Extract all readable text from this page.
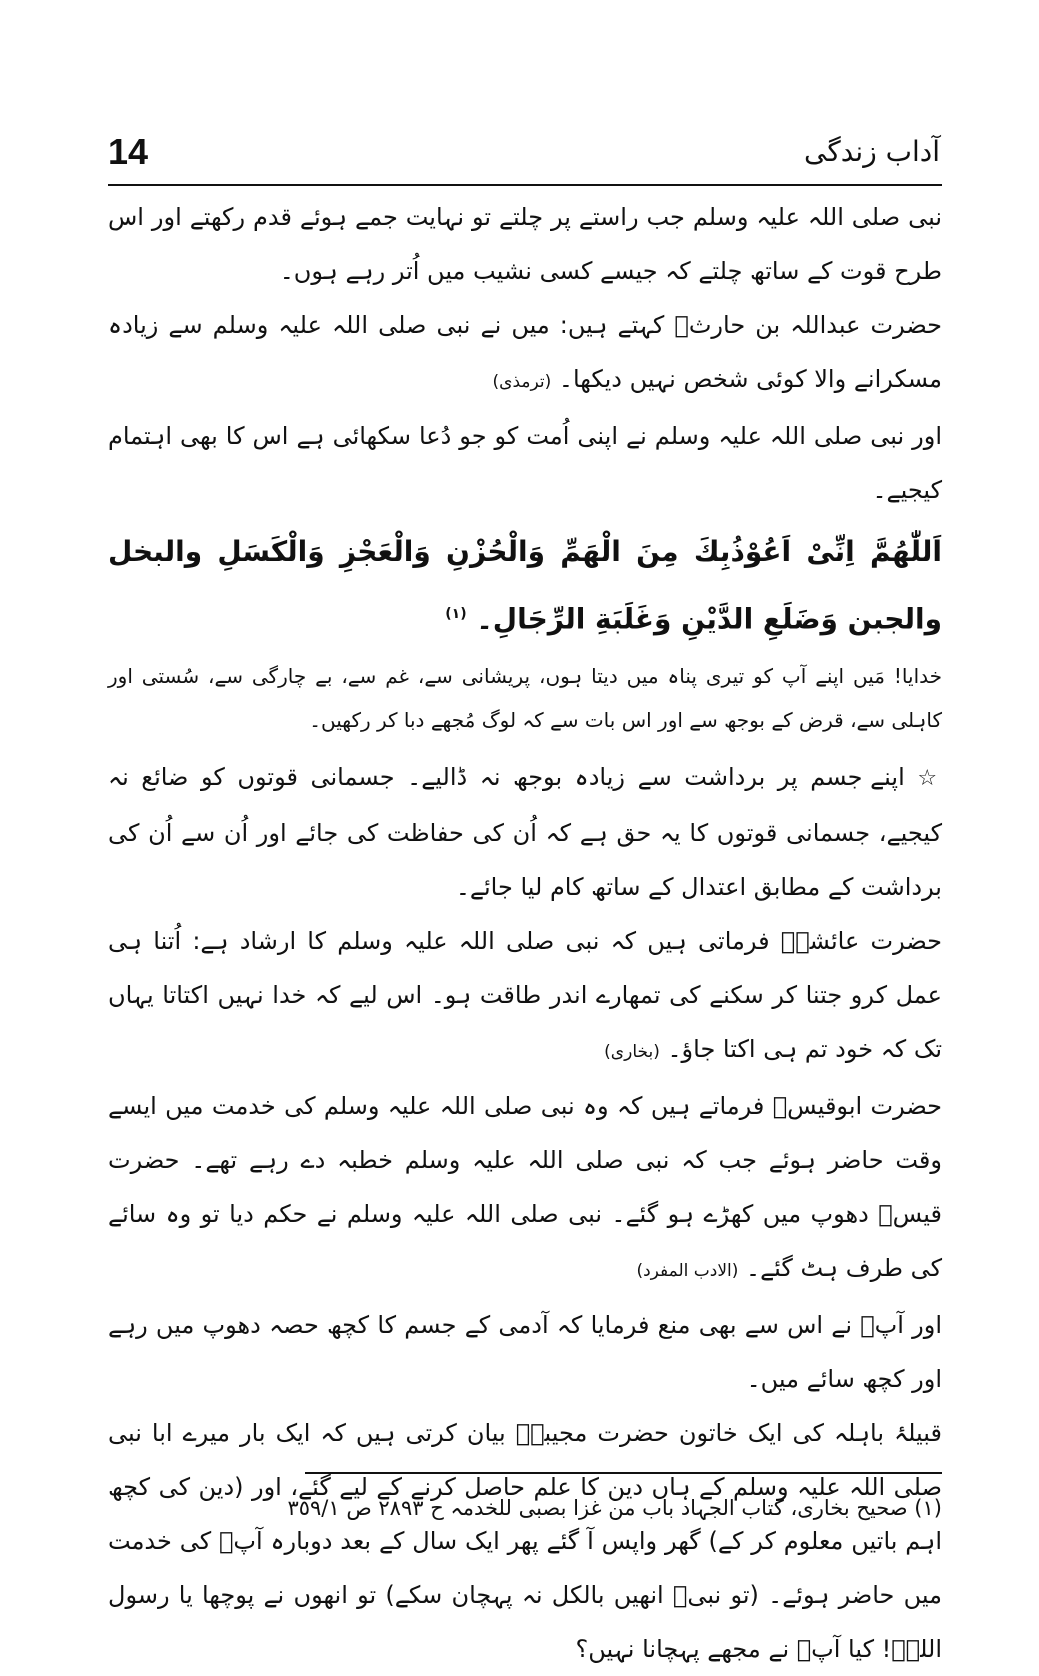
14	آداب زندگی

نبی صلی اللہ علیہ وسلم جب راستے پر چلتے تو نہایت جمے ہوئے قدم رکھتے اور اس طرح قوت کے ساتھ چلتے کہ جیسے کسی نشیب میں اُتر رہے ہوں۔

حضرت عبداللہ بن حارثؓ کہتے ہیں: میں نے نبی صلی اللہ علیہ وسلم سے زیادہ مسکرانے والا کوئی شخص نہیں دیکھا۔ (ترمذی)

اور نبی صلی اللہ علیہ وسلم نے اپنی اُمت کو جو دُعا سکھائی ہے اس کا بھی اہتمام کیجیے۔

اَللّٰھُمَّ اِنِّیْ اَعُوْذُبِكَ مِنَ الْھَمِّ وَالْحُزْنِ وَالْعَجْزِ وَالْكَسَلِ والبخل والجبن وَضَلَعِ الدَّيْنِ وَغَلَبَةِ الرِّجَالِ۔ $^{(١)}$

خدایا! مَیں اپنے آپ کو تیری پناہ میں دیتا ہوں، پریشانی سے، غم سے، بے چارگی سے، سُستی اور کاہلی سے، قرض کے بوجھ سے اور اس بات سے کہ لوگ مُجھے دبا کر رکھیں۔

☆ اپنے جسم پر برداشت سے زیادہ بوجھ نہ ڈالیے۔ جسمانی قوتوں کو ضائع نہ کیجیے، جسمانی قوتوں کا یہ حق ہے کہ اُن کی حفاظت کی جائے اور اُن سے اُن کی برداشت کے مطابق اعتدال کے ساتھ کام لیا جائے۔

حضرت عائشہؓ فرماتی ہیں کہ نبی صلی اللہ علیہ وسلم کا ارشاد ہے: اُتنا ہی عمل کرو جتنا کر سکنے کی تمھارے اندر طاقت ہو۔ اس لیے کہ خدا نہیں اکتاتا یہاں تک کہ خود تم ہی اکتا جاؤ۔ (بخاری)

حضرت ابوقیسؓ فرماتے ہیں کہ وہ نبی صلی اللہ علیہ وسلم کی خدمت میں ایسے وقت حاضر ہوئے جب کہ نبی صلی اللہ علیہ وسلم خطبہ دے رہے تھے۔ حضرت قیسؓ دھوپ میں کھڑے ہو گئے۔ نبی صلی اللہ علیہ وسلم نے حکم دیا تو وہ سائے کی طرف ہٹ گئے۔ (الادب المفرد)

اور آپؐ نے اس سے بھی منع فرمایا کہ آدمی کے جسم کا کچھ حصہ دھوپ میں رہے اور کچھ سائے میں۔

قبیلۂ باہلہ کی ایک خاتون حضرت مجیبہؓ بیان کرتی ہیں کہ ایک بار میرے ابا نبی صلی اللہ علیہ وسلم کے ہاں دین کا علم حاصل کرنے کے لیے گئے، اور (دین کی کچھ اہم باتیں معلوم کر کے) گھر واپس آ گئے پھر ایک سال کے بعد دوبارہ آپؐ کی خدمت میں حاضر ہوئے۔ (تو نبیؐ انھیں بالکل نہ پہچان سکے) تو انھوں نے پوچھا یا رسول اللہؐ! کیا آپؐ نے مجھے پہچانا نہیں؟

(١) صحیح بخاری، کتاب الجہاد باب من غزا بصبی للخدمہ ح ٢٨٩٣ ص ٣٥٩/١
